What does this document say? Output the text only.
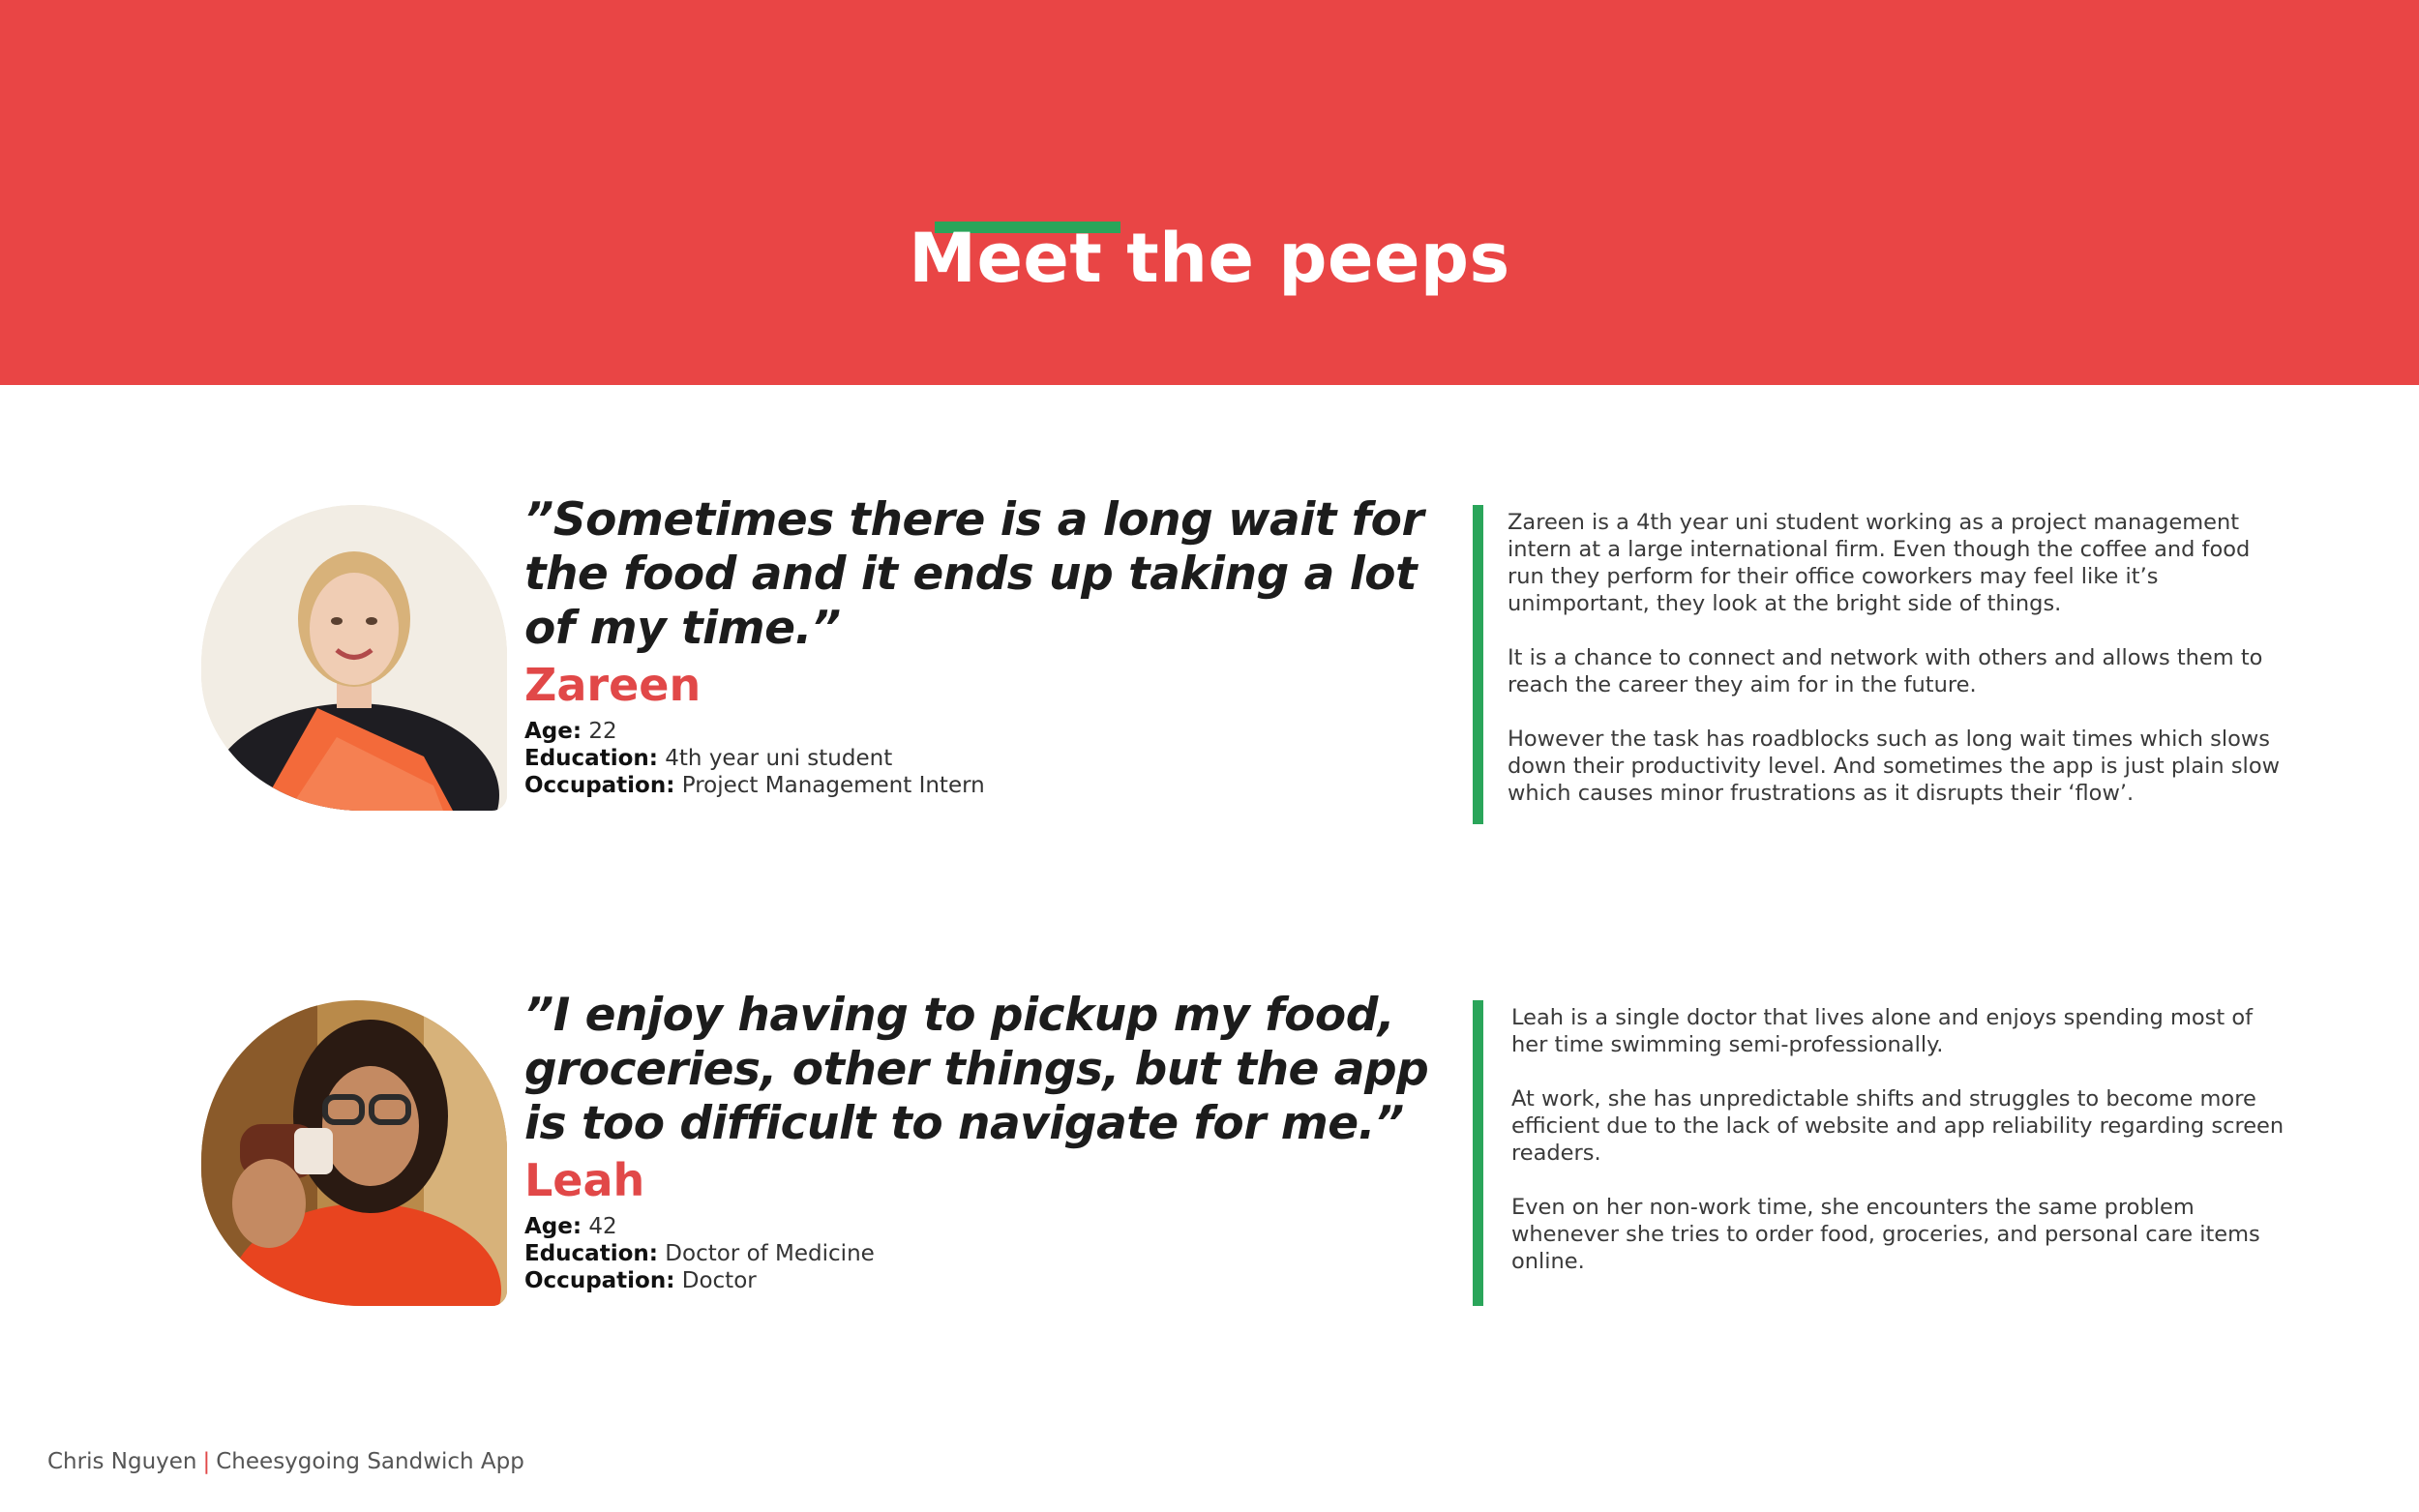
Meet the peeps

”Sometimes there is a long wait for the food and it ends up taking a lot of my time.”

Zareen
Age: 22
Education: 4th year uni student
Occupation: Project Management Intern

Zareen is a 4th year uni student working as a project management intern at a large international firm. Even though the coffee and food run they perform for their office coworkers may feel like it’s unimportant, they look at the bright side of things.

It is a chance to connect and network with others and allows them to reach the career they aim for in the future.

However the task has roadblocks such as long wait times which slows down their productivity level. And sometimes the app is just plain slow which causes minor frustrations as it disrupts their ‘flow’.

”I enjoy having to pickup my food, groceries, other things, but the app is too difficult to navigate for me.”

Leah
Age: 42
Education: Doctor of Medicine
Occupation: Doctor

Leah is a single doctor that lives alone and enjoys spending most of her time swimming semi-professionally.

At work, she has unpredictable shifts and struggles to become more efficient due to the lack of website and app reliability regarding screen readers.

Even on her non-work time, she encounters the same problem whenever she tries to order food, groceries, and personal care items online.

Chris Nguyen | Cheesygoing Sandwich App
